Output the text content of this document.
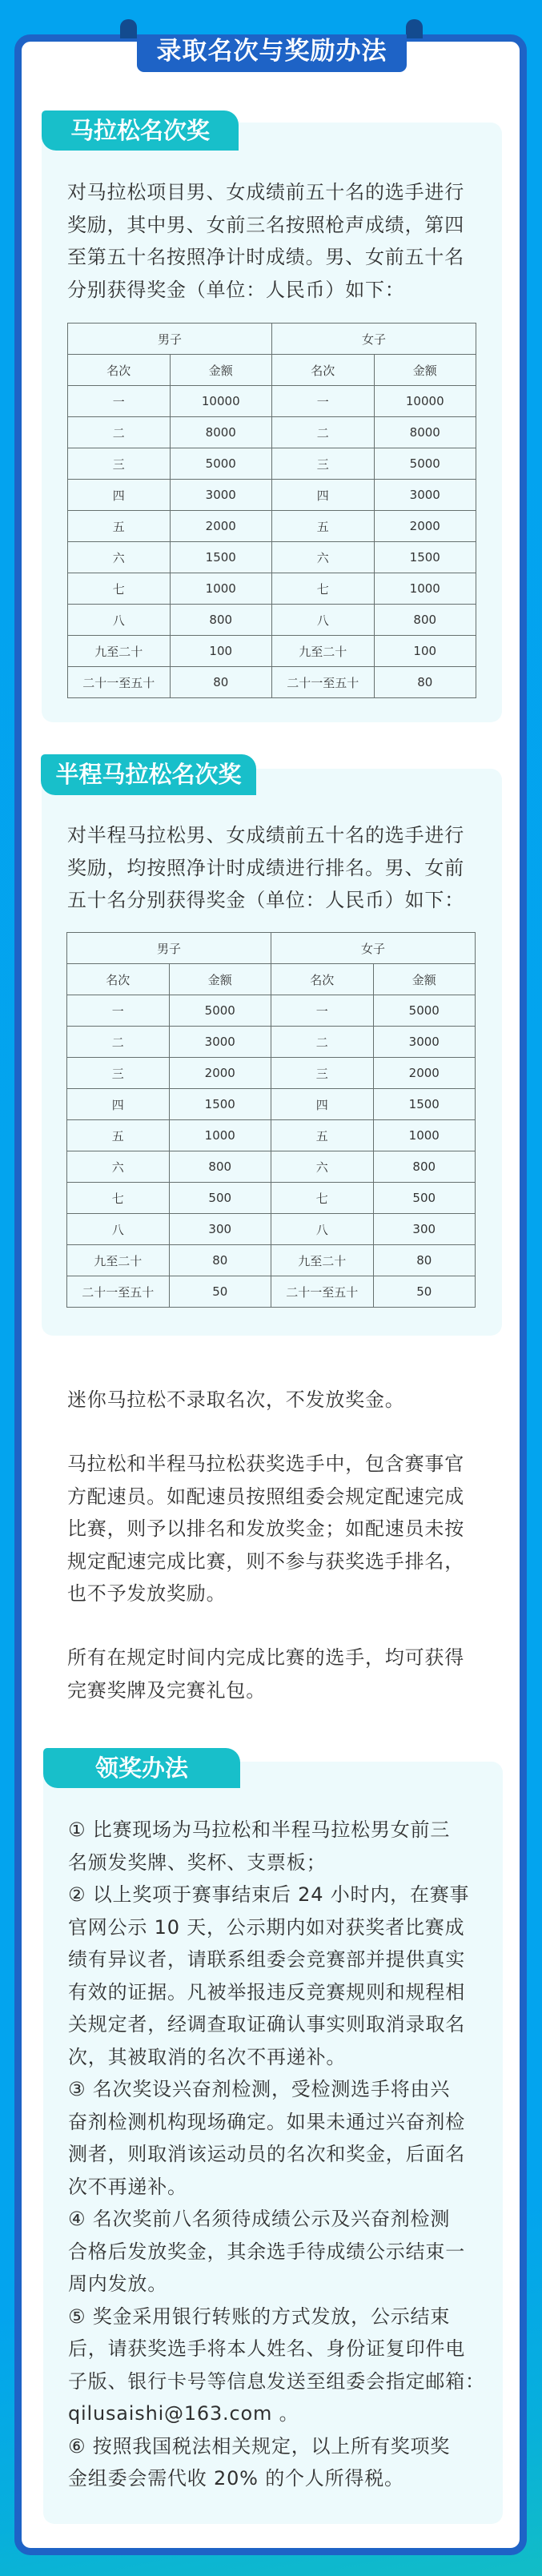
录取名次与奖励办法
马拉松名次奖
对马拉松项目男、女成绩前五十名的选手进行
奖励，其中男、女前三名按照枪声成绩，第四
至第五十名按照净计时成绩。男、女前五十名
分别获得奖金（单位：人民币）如下：
男子		女子	
名次	金额	名次	金额
一	10000	一	10000
二	8000	二	8000
三	5000	三	5000
四	3000	四	3000
五	2000	五	2000
六	1500	六	1500
七	1000	七	1000
八	800	八	800
九至二十	100	九至二十	100
二十一至五十	80	二十一至五十	80
半程马拉松名次奖
对半程马拉松男、女成绩前五十名的选手进行
奖励，均按照净计时成绩进行排名。男、女前
五十名分别获得奖金（单位：人民币）如下：
男子		女子	
名次	金额	名次	金额
一	5000	一	5000
二	3000	二	3000
三	2000	三	2000
四	1500	四	1500
五	1000	五	1000
六	800	六	800
七	500	七	500
八	300	八	300
九至二十	80	九至二十	80
二十一至五十	50	二十一至五十	50
迷你马拉松不录取名次，不发放奖金。
马拉松和半程马拉松获奖选手中，包含赛事官
方配速员。如配速员按照组委会规定配速完成
比赛，则予以排名和发放奖金；如配速员未按
规定配速完成比赛，则不参与获奖选手排名，
也不予发放奖励。
所有在规定时间内完成比赛的选手，均可获得
完赛奖牌及完赛礼包。
领奖办法
① 比赛现场为马拉松和半程马拉松男女前三
名颁发奖牌、奖杯、支票板；
② 以上奖项于赛事结束后 24 小时内，在赛事
官网公示 10 天，公示期内如对获奖者比赛成
绩有异议者，请联系组委会竞赛部并提供真实
有效的证据。凡被举报违反竞赛规则和规程相
关规定者，经调查取证确认事实则取消录取名
次，其被取消的名次不再递补。
③ 名次奖设兴奋剂检测，受检测选手将由兴
奋剂检测机构现场确定。如果未通过兴奋剂检
测者，则取消该运动员的名次和奖金，后面名
次不再递补。
④ 名次奖前八名须待成绩公示及兴奋剂检测
合格后发放奖金，其余选手待成绩公示结束一
周内发放。
⑤ 奖金采用银行转账的方式发放，公示结束
后，请获奖选手将本人姓名、身份证复印件电
子版、银行卡号等信息发送至组委会指定邮箱：
qilusaishi@163.com 。
⑥ 按照我国税法相关规定，以上所有奖项奖
金组委会需代收 20% 的个人所得税。
